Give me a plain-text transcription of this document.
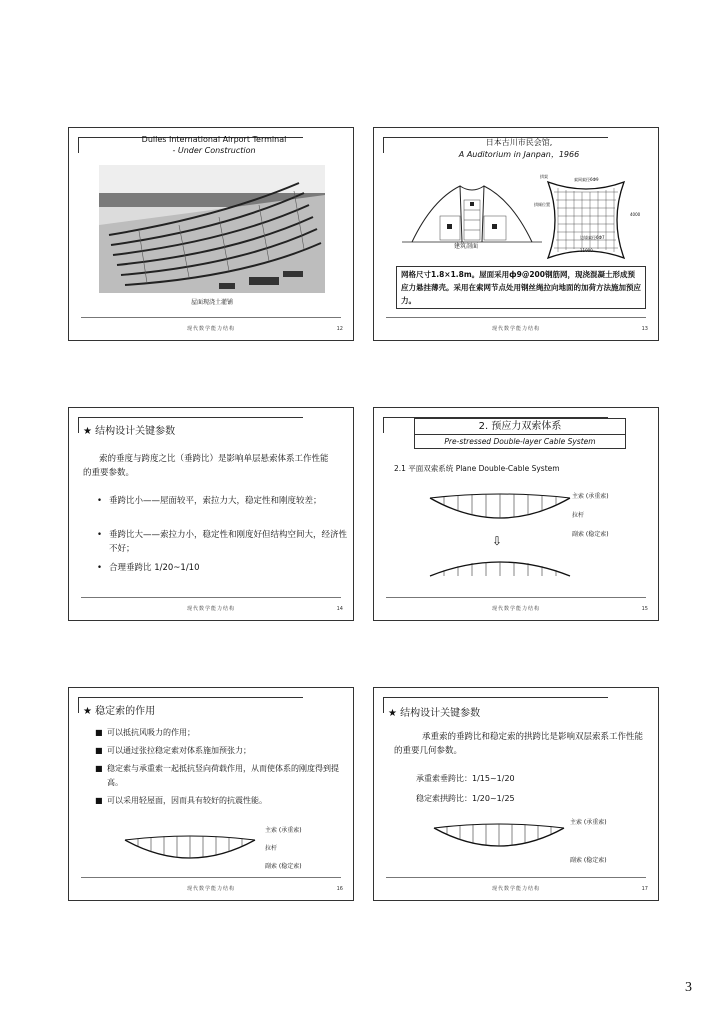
Dulles International Airport Terminal
- Under Construction
屋面现浇土灌铺
现代数学能力结构	12
日本古川市民会馆,
A Auditorium in Janpan，1966
建筑剖面
拱架
索网索径6Ф9
拱倾位置
边墙索径6Ф7
4000
11000
网格尺寸1.8×1.8m。屋面采用ф9@200钢筋网，现浇混凝土形成预应力悬挂薄壳。采用在索网节点处用钢丝绳拉向地面的加荷方法施加预应力。
现代数学能力结构	13
★ 结构设计关键参数
索的垂度与跨度之比（垂跨比）是影响单层悬索体系工作性能的重要参数。
• 垂跨比小——屋面较平，索拉力大，稳定性和刚度较差；
• 垂跨比大——索拉力小，稳定性和刚度好但结构空间大，经济性不好；
• 合理垂跨比 1/20~1/10
现代数学能力结构	14
2. 预应力双索体系
Pre-stressed Double-layer Cable System
2.1 平面双索系统 Plane Double-Cable System
主索 (承重索)
拉杆
副索 (稳定索)
⇩
现代数学能力结构	15
★ 稳定索的作用
■ 可以抵抗风吸力的作用；
■ 可以通过张拉稳定索对体系施加预张力；
■ 稳定索与承重索一起抵抗竖向荷载作用，从而使体系的刚度得到提高。
■ 可以采用轻屋面，因而具有较好的抗震性能。
主索 (承重索)
拉杆
副索 (稳定索)
现代数学能力结构	16
★ 结构设计关键参数
承重索的垂跨比和稳定索的拱跨比是影响双层索系工作性能的重要几何参数。
承重索垂跨比：1/15~1/20
稳定索拱跨比：1/20~1/25
主索 (承重索)
副索 (稳定索)
现代数学能力结构	17
3
